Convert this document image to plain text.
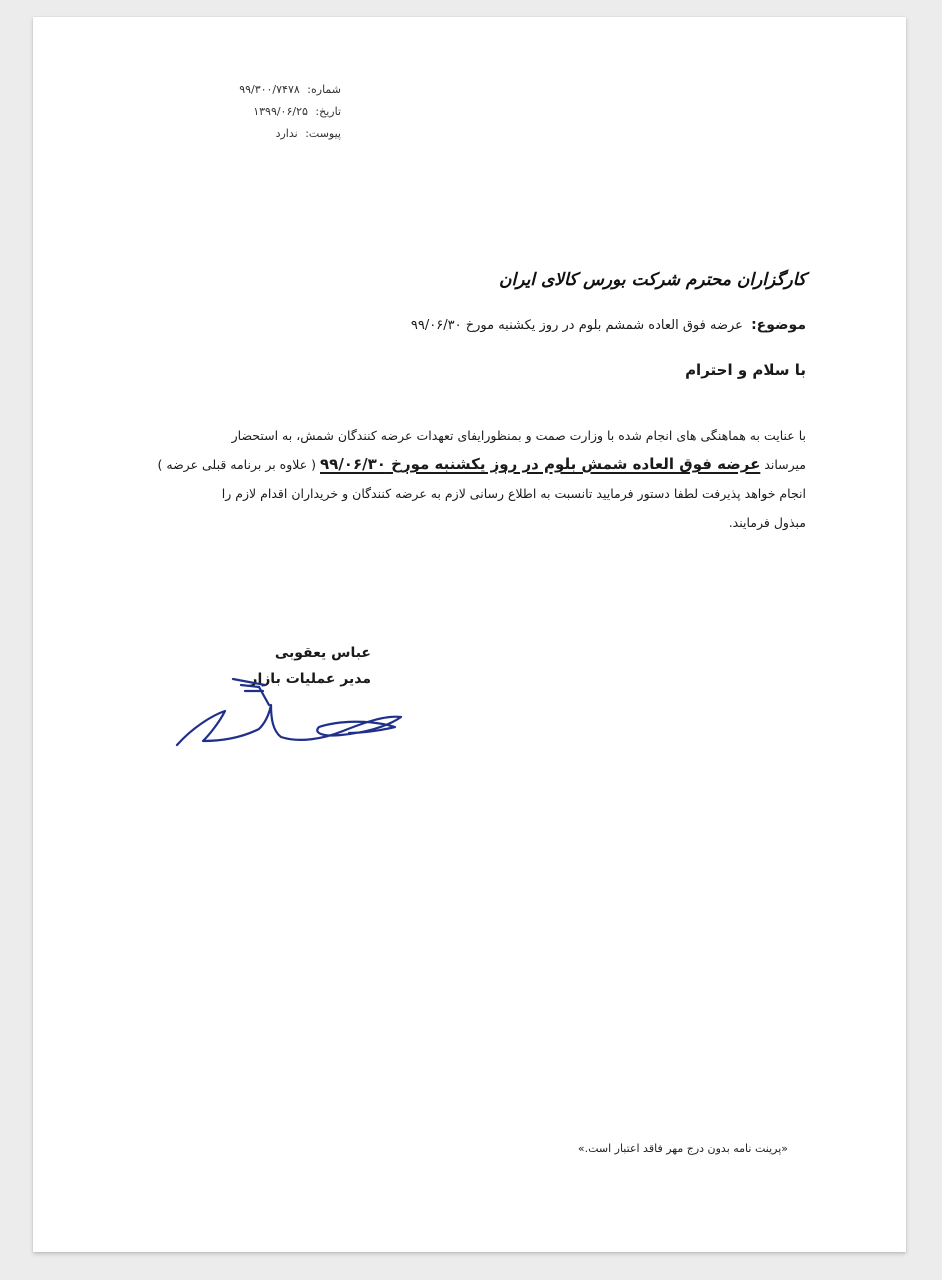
شماره: ۹۹/۳۰۰/۷۴۷۸
تاریخ: ۱۳۹۹/۰۶/۲۵
پیوست: ندارد
کارگزاران محترم شرکت بورس کالای ایران
موضوع: عرضه فوق العاده شمشم بلوم در روز یکشنبه مورخ ۹۹/۰۶/۳۰
با سلام و احترام
با عنایت به هماهنگی های انجام شده با وزارت صمت و بمنظورایفای تعهدات عرضه کنندگان شمش، به استحضار
میرساند عرضه فوق العاده شمش بلوم در روز یکشنبه مورخ ۹۹/۰۶/۳۰ ( علاوه بر برنامه قبلی عرضه )
انجام خواهد پذیرفت لطفا دستور فرمایید تانسبت به اطلاع رسانی لازم به عرضه کنندگان و خریداران اقدام لازم را
مبذول فرمایند.
عباس یعقوبی
مدیر عملیات بازار
«پرینت نامه بدون درج مهر فاقد اعتبار است.»
